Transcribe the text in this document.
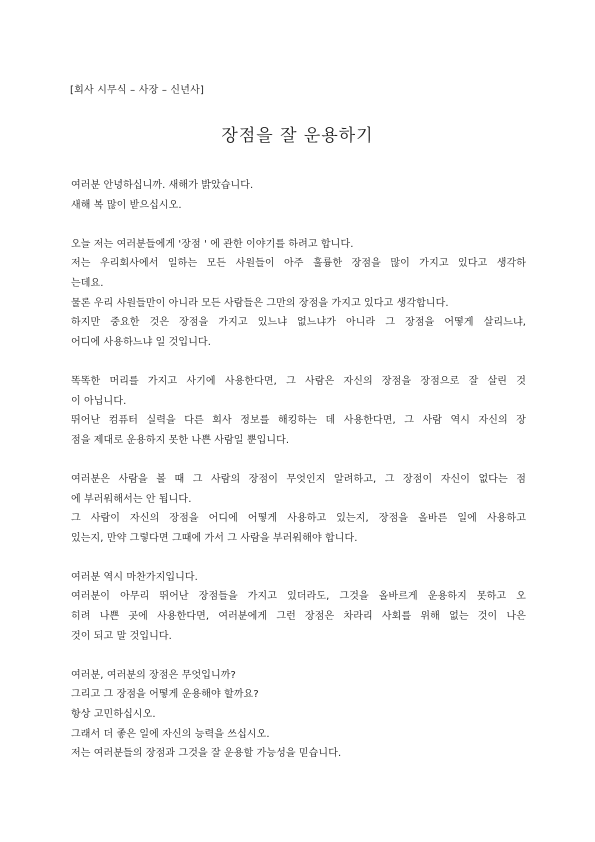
[회사 시무식 – 사장 – 신년사]
장점을 잘 운용하기
여러분 안녕하십니까. 새해가 밝았습니다.
새해 복 많이 받으십시오.
오늘 저는 여러분들에게 '장점 ' 에 관한 이야기를 하려고 합니다.
저는 우리회사에서 일하는 모든 사원들이 아주 훌륭한 장점을 많이 가지고 있다고 생각하
는데요.
물론 우리 사원들만이 아니라 모든 사람들은 그만의 장점을 가지고 있다고 생각합니다.
하지만 중요한 것은 장점을 가지고 있느냐 없느냐가 아니라 그 장점을 어떻게 살리느냐,
어디에 사용하느냐 일 것입니다.
똑똑한 머리를 가지고 사기에 사용한다면, 그 사람은 자신의 장점을 장점으로 잘 살린 것
이 아닙니다.
뛰어난 컴퓨터 실력을 다른 회사 정보를 해킹하는 데 사용한다면, 그 사람 역시 자신의 장
점을 제대로 운용하지 못한 나쁜 사람일 뿐입니다.
여러분은 사람을 볼 때 그 사람의 장점이 무엇인지 알려하고, 그 장점이 자신이 없다는 점
에 부러워해서는 안 됩니다.
그 사람이 자신의 장점을 어디에 어떻게 사용하고 있는지, 장점을 올바른 일에 사용하고
있는지, 만약 그렇다면 그때에 가서 그 사람을 부러워해야 합니다.
여러분 역시 마찬가지입니다.
여러분이 아무리 뛰어난 장점들을 가지고 있더라도, 그것을 올바르게 운용하지 못하고 오
히려 나쁜 곳에 사용한다면, 여러분에게 그런 장점은 차라리 사회를 위해 없는 것이 나은
것이 되고 말 것입니다.
여러분, 여러분의 장점은 무엇입니까?
그리고 그 장점을 어떻게 운용해야 할까요?
항상 고민하십시오.
그래서 더 좋은 일에 자신의 능력을 쓰십시오.
저는 여러분들의 장점과 그것을 잘 운용할 가능성을 믿습니다.
